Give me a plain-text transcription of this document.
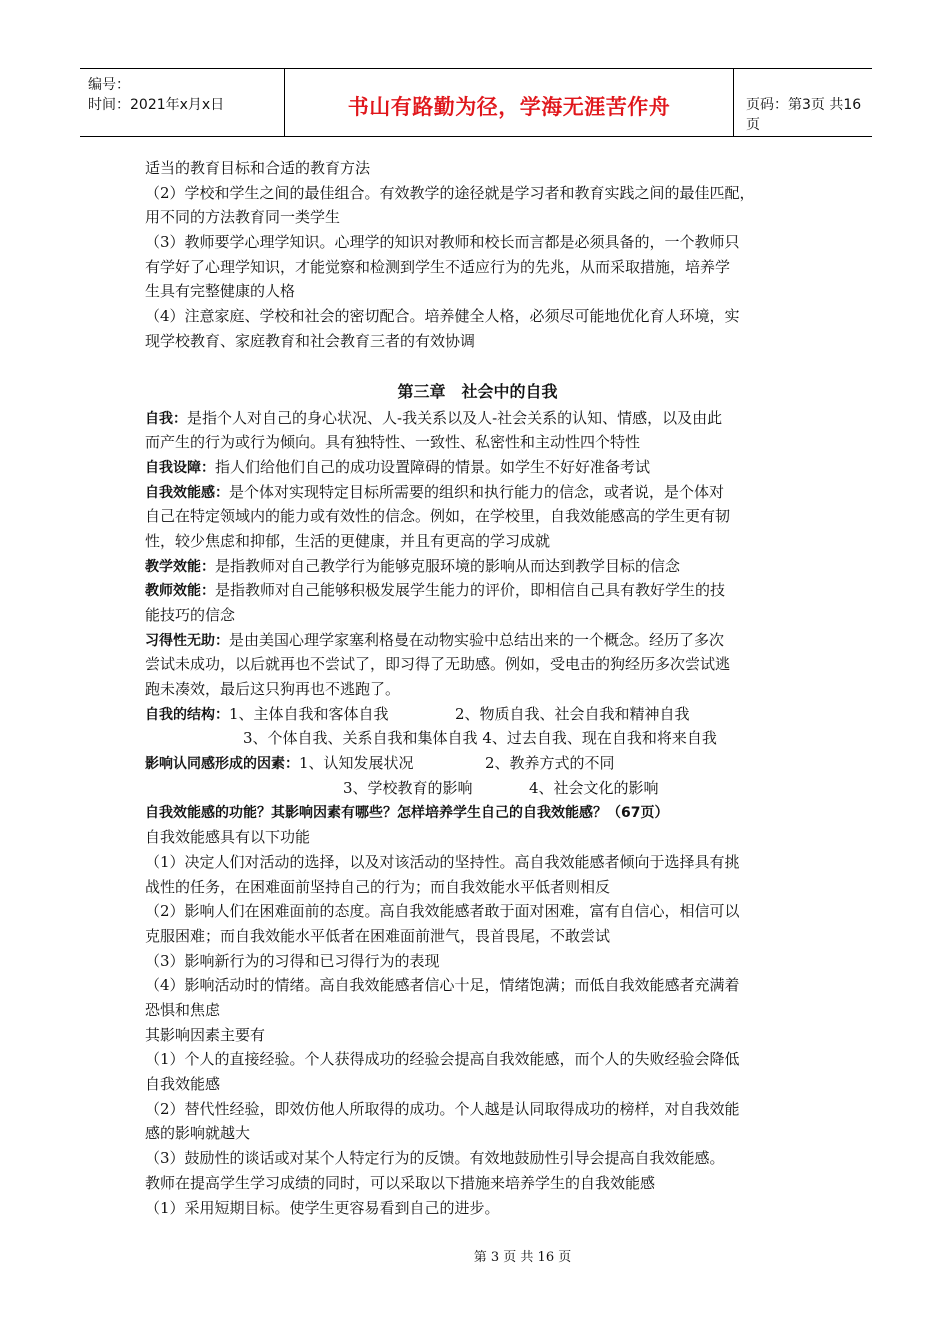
编号：
时间：2021年x月x日	书山有路勤为径，学海无涯苦作舟	页码：第3页 共16页
适当的教育目标和合适的教育方法
（2）学校和学生之间的最佳组合。有效教学的途径就是学习者和教育实践之间的最佳匹配，
用不同的方法教育同一类学生
（3）教师要学心理学知识。心理学的知识对教师和校长而言都是必须具备的，一个教师只
有学好了心理学知识，才能觉察和检测到学生不适应行为的先兆，从而采取措施，培养学
生具有完整健康的人格
（4）注意家庭、学校和社会的密切配合。培养健全人格，必须尽可能地优化育人环境，实
现学校教育、家庭教育和社会教育三者的有效协调
第三章　社会中的自我
自我：是指个人对自己的身心状况、人-我关系以及人-社会关系的认知、情感，以及由此
而产生的行为或行为倾向。具有独特性、一致性、私密性和主动性四个特性
自我设障：指人们给他们自己的成功设置障碍的情景。如学生不好好准备考试
自我效能感：是个体对实现特定目标所需要的组织和执行能力的信念，或者说，是个体对
自己在特定领域内的能力或有效性的信念。例如，在学校里，自我效能感高的学生更有韧
性，较少焦虑和抑郁，生活的更健康，并且有更高的学习成就
教学效能：是指教师对自己教学行为能够克服环境的影响从而达到教学目标的信念
教师效能：是指教师对自己能够积极发展学生能力的评价，即相信自己具有教好学生的技
能技巧的信念
习得性无助：是由美国心理学家塞利格曼在动物实验中总结出来的一个概念。经历了多次
尝试未成功，以后就再也不尝试了，即习得了无助感。例如，受电击的狗经历多次尝试逃
跑未凑效，最后这只狗再也不逃跑了。
自我的结构：1、主体自我和客体自我	2、物质自我、社会自我和精神自我
3、个体自我、关系自我和集体自我 4、过去自我、现在自我和将来自我
影响认同感形成的因素：1、认知发展状况	2、教养方式的不同
3、学校教育的影响	4、社会文化的影响
自我效能感的功能？其影响因素有哪些？怎样培养学生自己的自我效能感？（67页）
自我效能感具有以下功能
（1）决定人们对活动的选择，以及对该活动的坚持性。高自我效能感者倾向于选择具有挑
战性的任务，在困难面前坚持自己的行为；而自我效能水平低者则相反
（2）影响人们在困难面前的态度。高自我效能感者敢于面对困难，富有自信心，相信可以
克服困难；而自我效能水平低者在困难面前泄气，畏首畏尾，不敢尝试
（3）影响新行为的习得和已习得行为的表现
（4）影响活动时的情绪。高自我效能感者信心十足，情绪饱满；而低自我效能感者充满着
恐惧和焦虑
其影响因素主要有
（1）个人的直接经验。个人获得成功的经验会提高自我效能感，而个人的失败经验会降低
自我效能感
（2）替代性经验，即效仿他人所取得的成功。个人越是认同取得成功的榜样，对自我效能
感的影响就越大
（3）鼓励性的谈话或对某个人特定行为的反馈。有效地鼓励性引导会提高自我效能感。
教师在提高学生学习成绩的同时，可以采取以下措施来培养学生的自我效能感
（1）采用短期目标。使学生更容易看到自己的进步。
第 3 页 共 16 页
